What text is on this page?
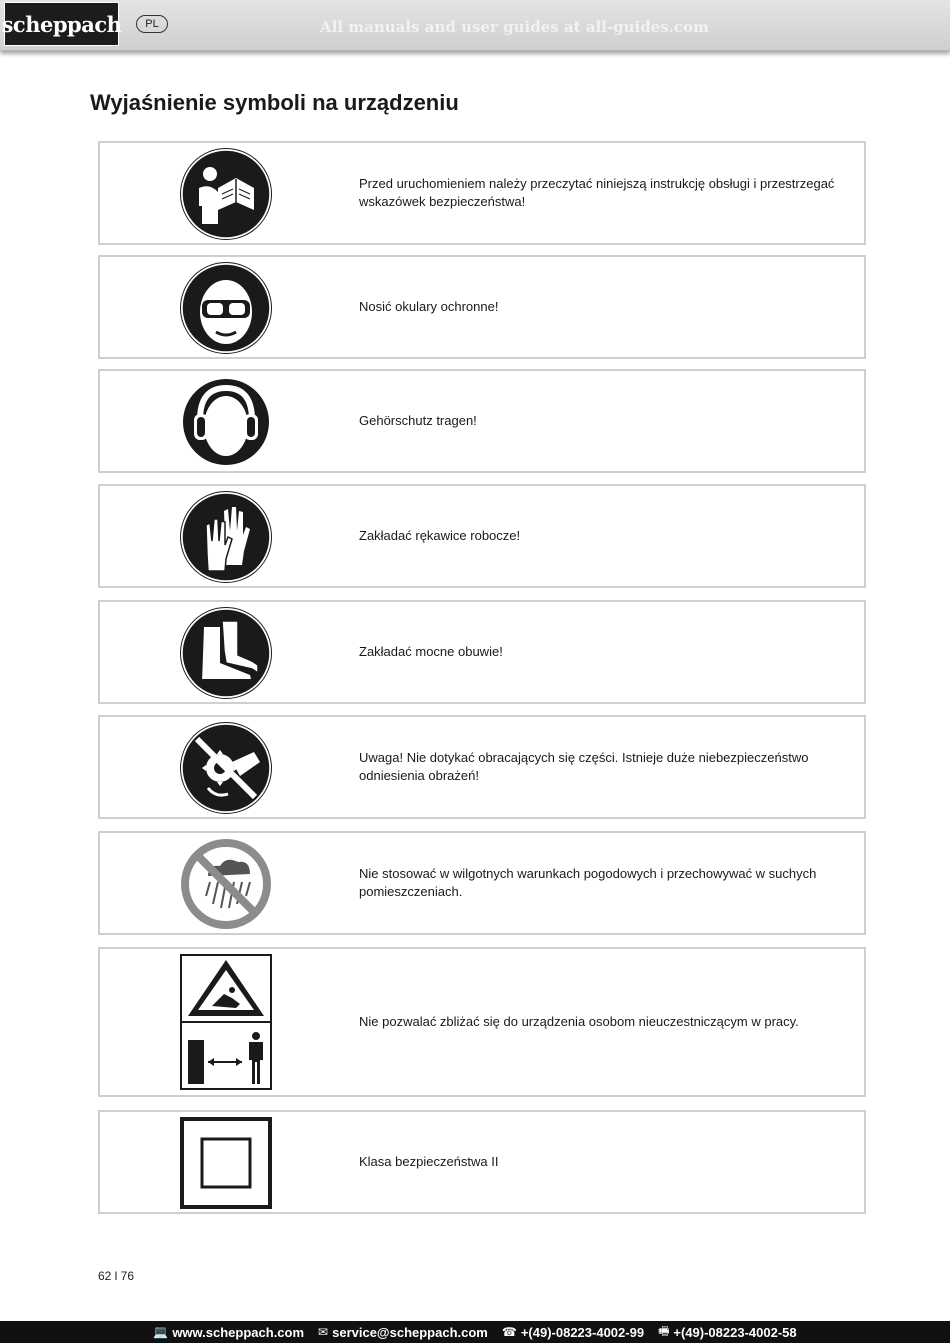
scheppach	PL	All manuals and user guides at all-guides.com
Wyjaśnienie symboli na urządzeniu
Przed uruchomieniem należy przeczytać niniejszą instrukcję obsługi i przestrzegać wskazówek bezpieczeństwa!
Nosić okulary ochronne!
Gehörschutz tragen!
Zakładać rękawice robocze!
Zakładać mocne obuwie!
Uwaga! Nie dotykać obracających się części. Istnieje duże niebezpieczeństwo odniesienia obrażeń!
Nie stosować w wilgotnych warunkach pogodowych i przechowywać w suchych pomieszczeniach.
Nie pozwalać zbliżać się do urządzenia osobom nieuczestniczącym w pracy.
Klasa bezpieczeństwa II
62 l 76
💻 www.scheppach.com ✉ service@scheppach.com ☎ +(49)-08223-4002-99 🖷 +(49)-08223-4002-58
